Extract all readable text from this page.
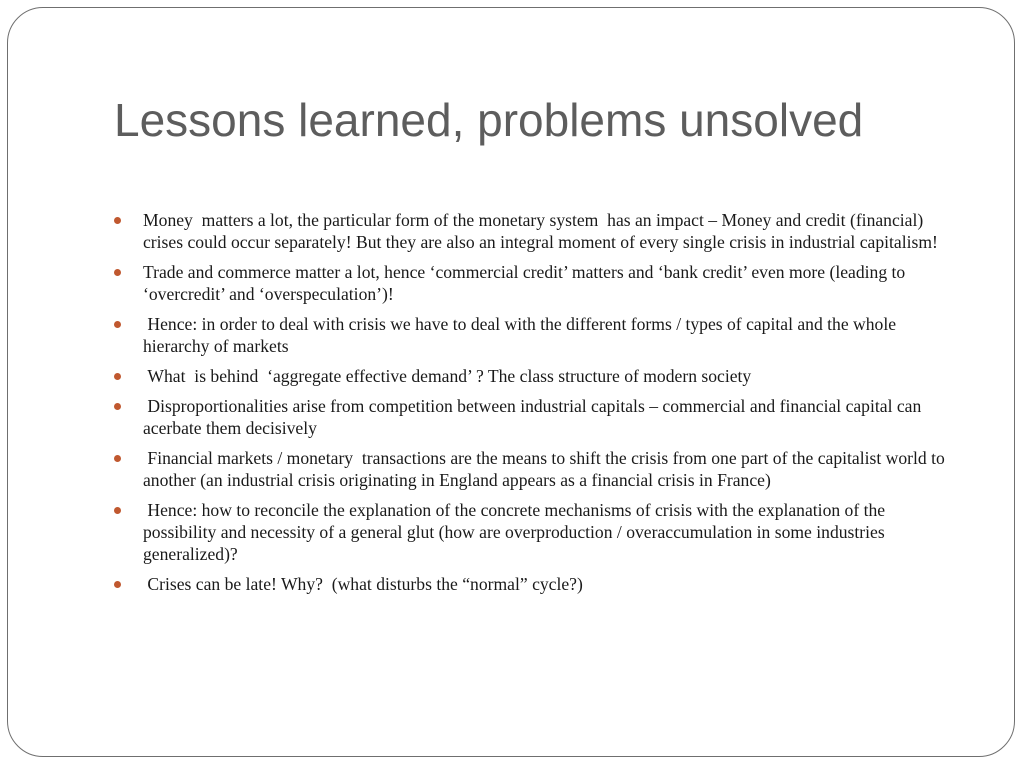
Lessons learned, problems unsolved
Money  matters a lot, the particular form of the monetary system  has an impact – Money and credit (financial) crises could occur separately! But they are also an integral moment of every single crisis in industrial capitalism!
Trade and commerce matter a lot, hence ‘commercial credit’ matters and ‘bank credit’ even more (leading to ‘overcredit’ and ‘overspeculation’)!
Hence: in order to deal with crisis we have to deal with the different forms / types of capital and the whole hierarchy of markets
What  is behind  ‘aggregate effective demand’ ? The class structure of modern society
Disproportionalities arise from competition between industrial capitals – commercial and financial capital can acerbate them decisively
Financial markets / monetary  transactions are the means to shift the crisis from one part of the capitalist world to another (an industrial crisis originating in England appears as a financial crisis in France)
Hence: how to reconcile the explanation of the concrete mechanisms of crisis with the explanation of the possibility and necessity of a general glut (how are overproduction / overaccumulation in some industries generalized)?
Crises can be late! Why?  (what disturbs the “normal” cycle?)
